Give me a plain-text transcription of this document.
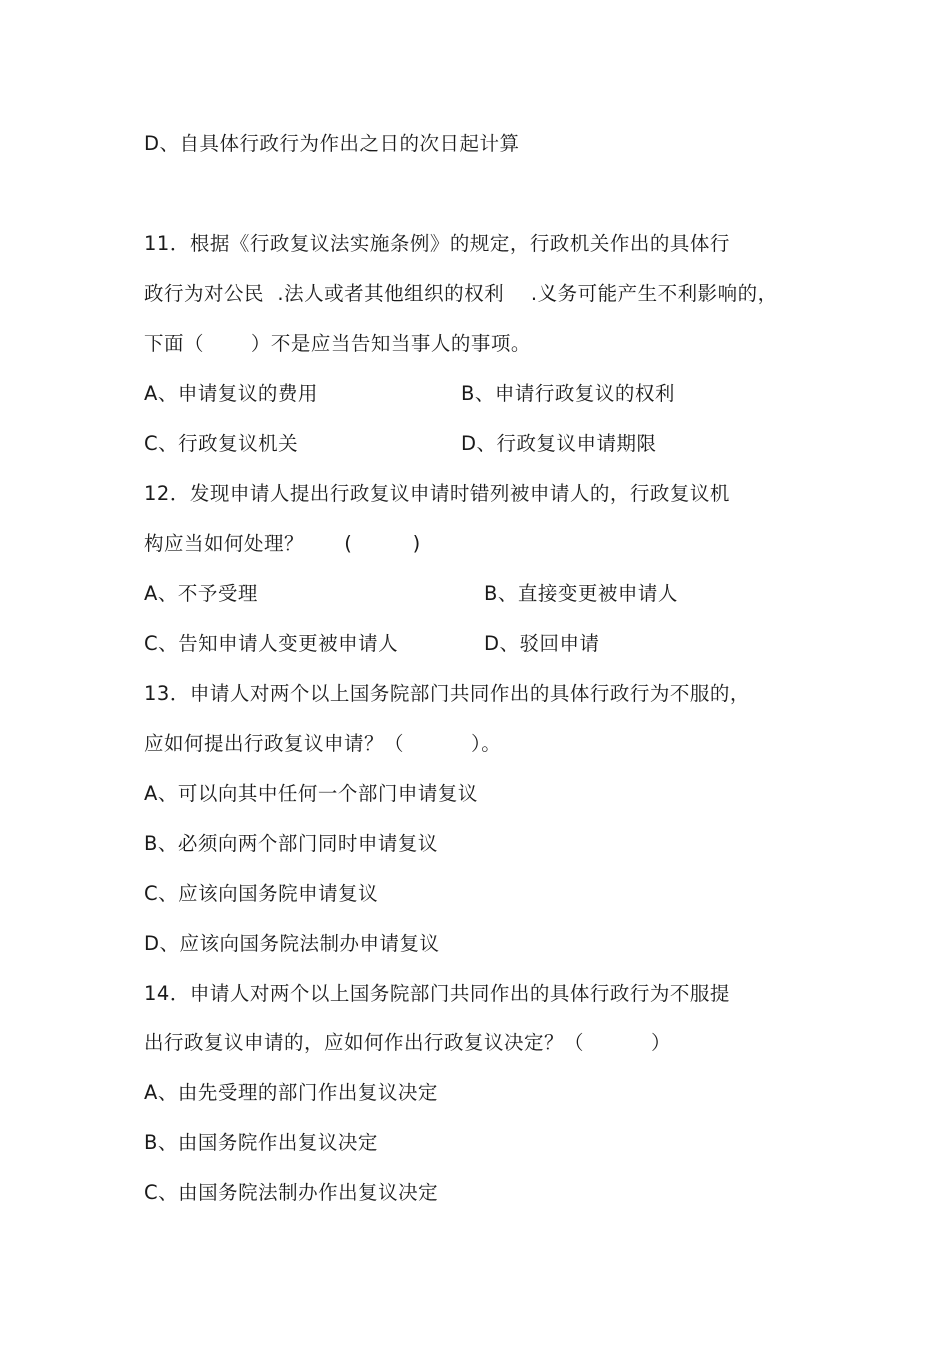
D、自具体行政行为作出之日的次日起计算
11．根据《行政复议法实施条例》的规定，行政机关作出的具体行
政行为对公民  .法人或者其他组织的权利    .义务可能产生不利影响的，
下面（       ）不是应当告知当事人的事项。
A、申请复议的费用	B、申请行政复议的权利
C、行政复议机关	D、行政复议申请期限
12．发现申请人提出行政复议申请时错列被申请人的，行政复议机
构应当如何处理？      (         )
A、不予受理	B、直接变更被申请人
C、告知申请人变更被申请人	D、驳回申请
13．申请人对两个以上国务院部门共同作出的具体行政行为不服的，
应如何提出行政复议申请？（          ）。
A、可以向其中任何一个部门申请复议
B、必须向两个部门同时申请复议
C、应该向国务院申请复议
D、应该向国务院法制办申请复议
14．申请人对两个以上国务院部门共同作出的具体行政行为不服提
出行政复议申请的，应如何作出行政复议决定？（          ）
A、由先受理的部门作出复议决定
B、由国务院作出复议决定
C、由国务院法制办作出复议决定
